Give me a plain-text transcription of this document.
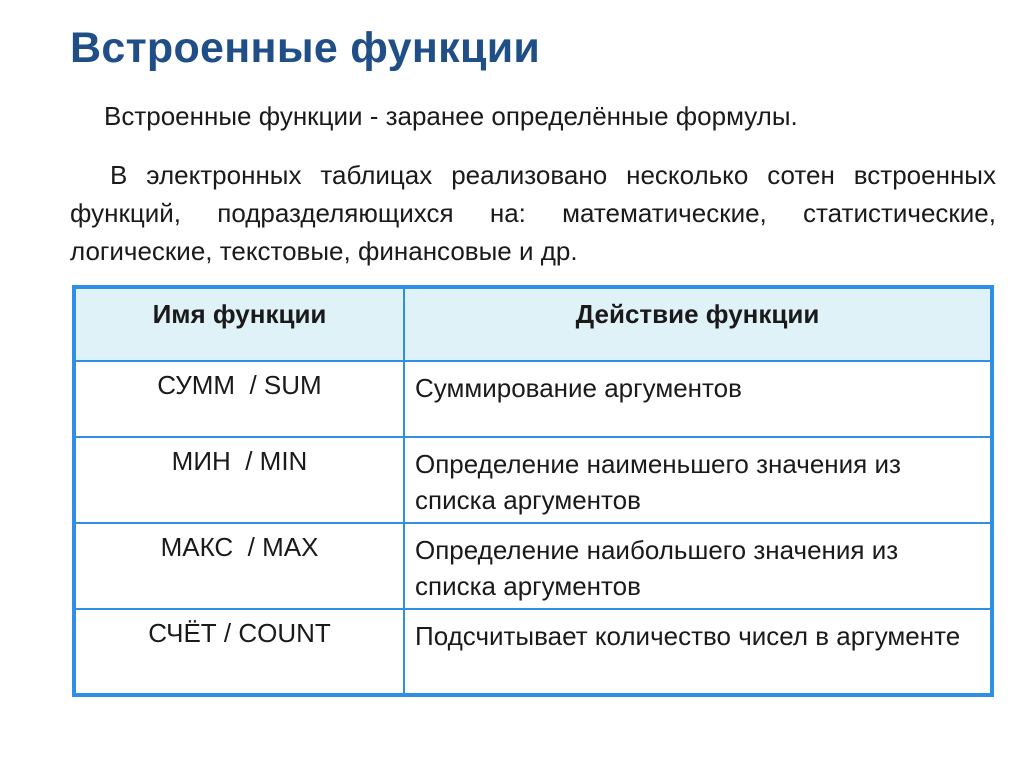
Встроенные функции
Встроенные функции - заранее определённые формулы.
В электронных таблицах реализовано несколько сотен встроенных функций, подразделяющихся на: математические, статистические, логические, текстовые, финансовые и др.
Имя функции	Действие функции
СУММ  / SUM	Суммирование аргументов
МИН  / MIN	Определение наименьшего значения из списка аргументов
МАКС  / MAX	Определение наибольшего значения из списка аргументов
СЧЁТ / COUNT	Подсчитывает количество чисел в аргументе
